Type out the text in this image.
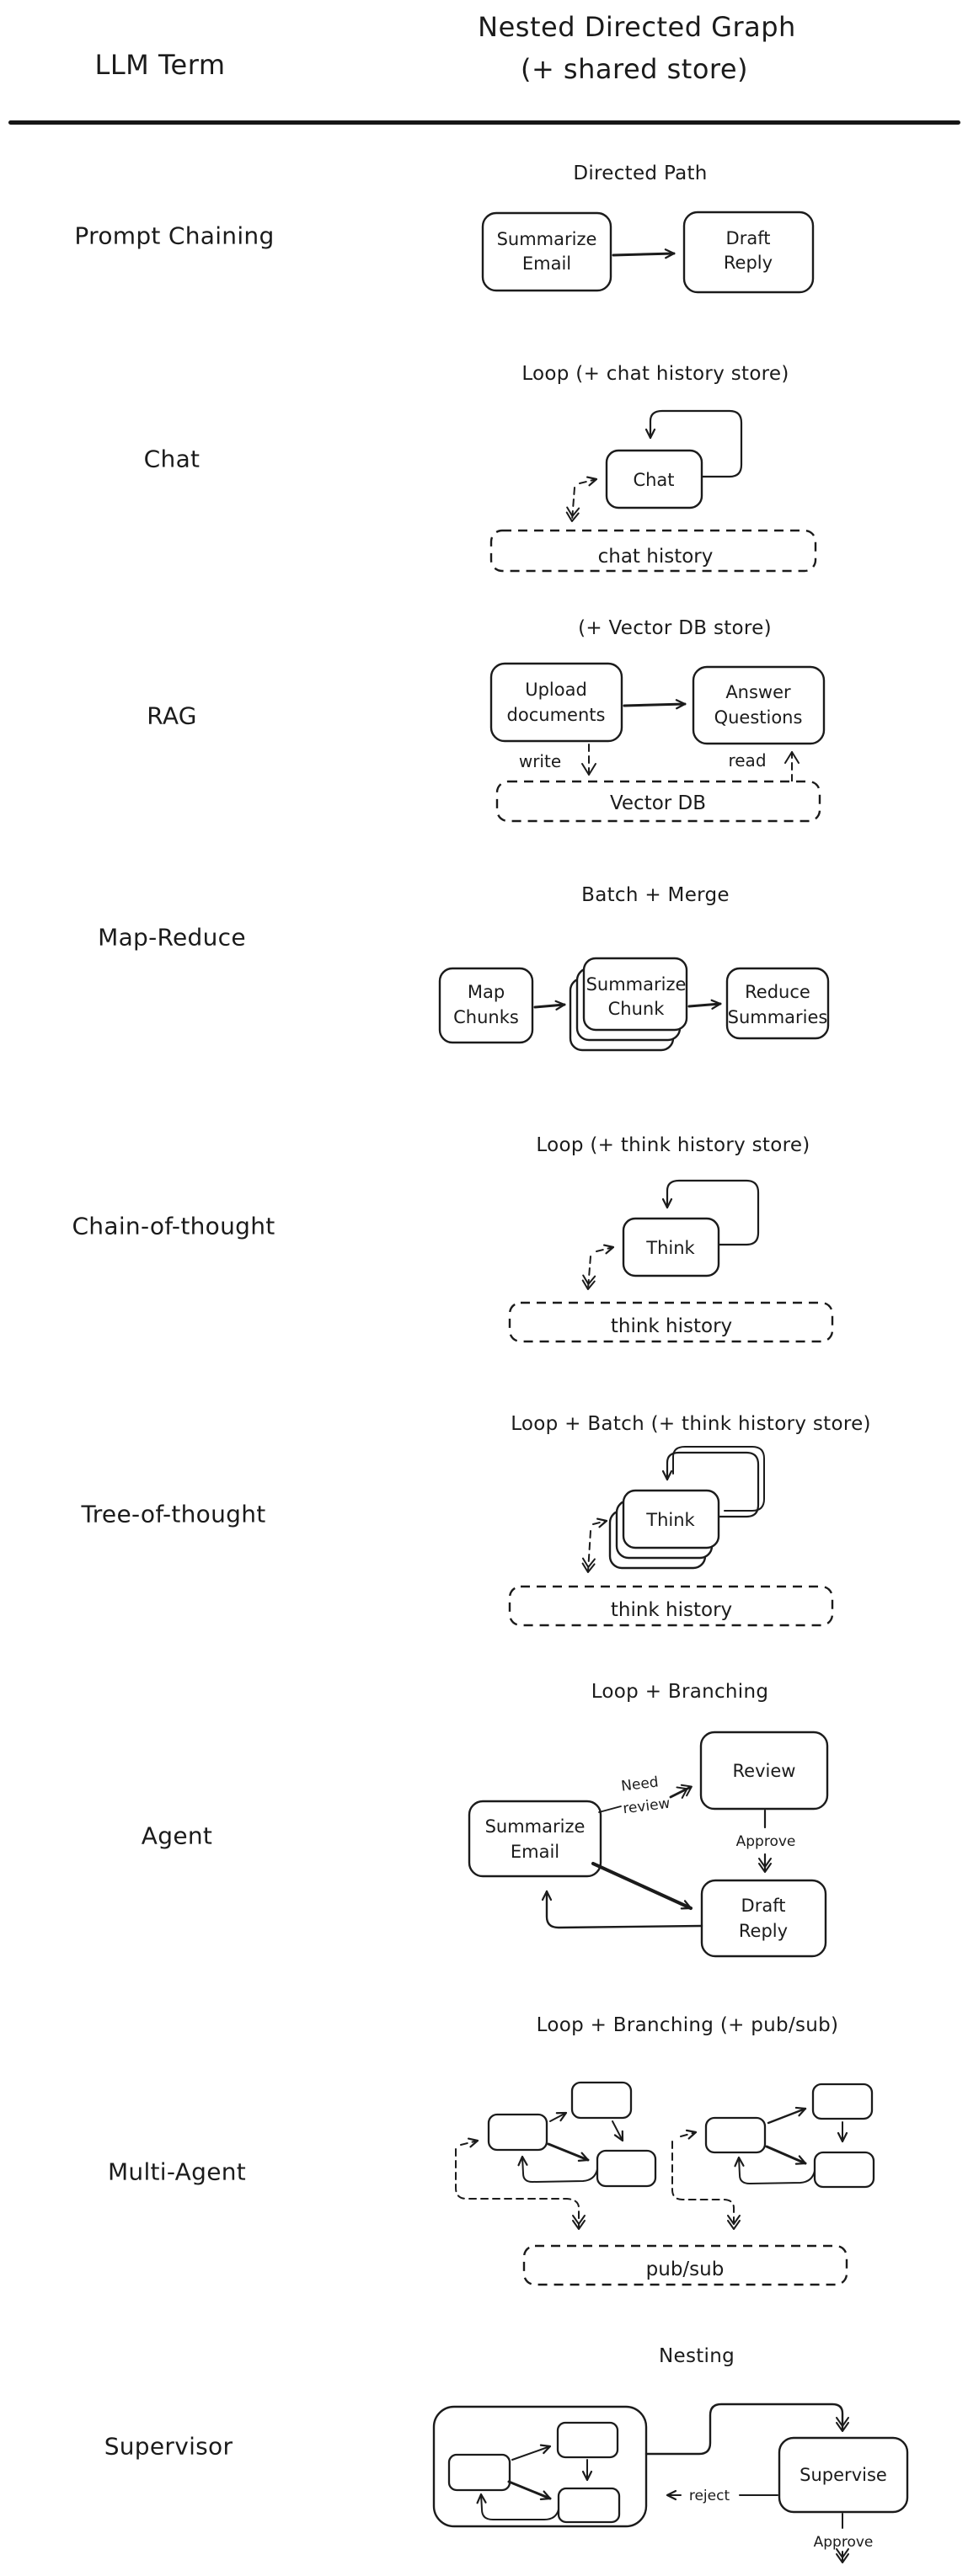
LLM Term
Nested Directed Graph
(+ shared store)
Prompt Chaining
Directed Path
Summarize
Email
Draft
Reply
Chat
Loop (+ chat history store)
Chat
chat history
RAG
(+ Vector DB store)
Upload
documents
Answer
Questions
write	read
Vector DB
Map-Reduce
Batch + Merge
Map
Chunks
Summarize
Chunk
Reduce
Summaries
Chain-of-thought
Loop (+ think history store)
Think
think history
Tree-of-thought
Loop + Batch (+ think history store)
Think
think history
Agent
Loop + Branching
Review
Summarize
Email
Draft
Reply
Need
review
Approve
Multi-Agent
Loop + Branching (+ pub/sub)
pub/sub
Supervisor
Nesting
Supervise
reject
Approve
